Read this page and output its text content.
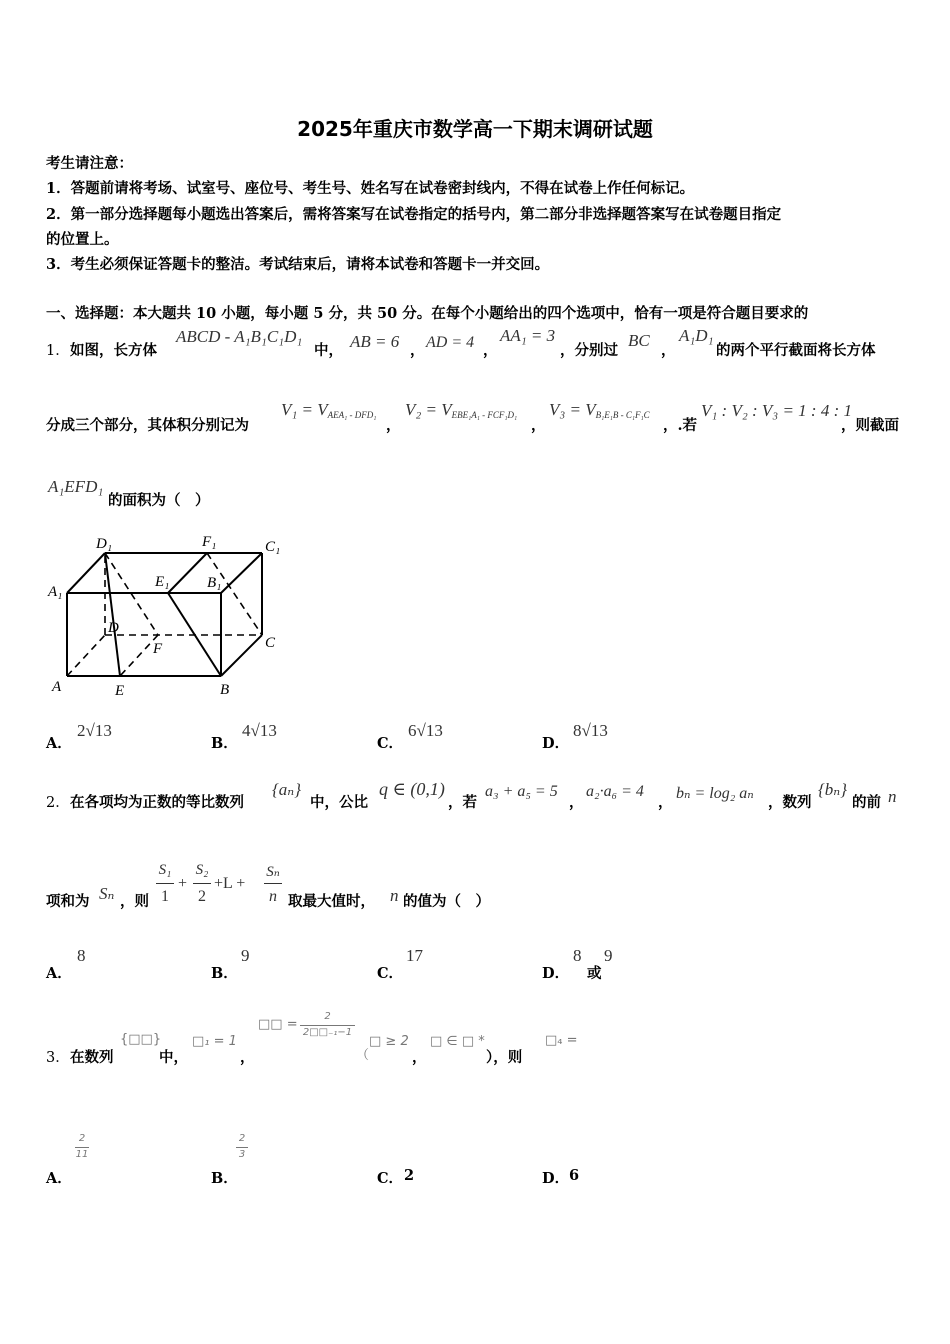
2025年重庆市数学高一下期末调研试题
考生请注意：
1．答题前请将考场、试室号、座位号、考生号、姓名写在试卷密封线内，不得在试卷上作任何标记。
2．第一部分选择题每小题选出答案后，需将答案写在试卷指定的括号内，第二部分非选择题答案写在试卷题目指定
的位置上。
3．考生必须保证答题卡的整洁。考试结束后，请将本试卷和答题卡一并交回。
一、选择题：本大题共 10 小题，每小题 5 分，共 50 分。在每个小题给出的四个选项中，恰有一项是符合题目要求的
1． 如图，长方体
ABCD - A₁B₁C₁D₁
中， AB = 6 ， AD = 4 ，
AA₁ = 3
，分别过
BC
，
A₁D₁
的两个平行截面将长方体
分成三个部分，其体积分别记为
$V_1 = V_{AEA_1 - DFD_1}$
，
$V_2 = V_{EBE_1A_1 - FCF_1D_1}$
，
$V_3 = V_{B_1E_1B - C_1F_1C}$
，.若
V₁ : V₂ : V₃ = 1 : 4 : 1
，则截面
A₁EFD₁
的面积为（　）
D₁	F₁	C₁
A₁
E₁	B₁
D
C
F
A	E	B
A．
2√13
B．
4√13
C．
6√13
D．
8√13
2． 在各项均为正数的等比数列
{aₙ}
中，公比
q ∈ (0,1)
，若
a₃ + a₅ = 5
，
a₂·a₆ = 4
，
bₙ = log₂ aₙ
，数列
{bₙ}
的前 n
项和为 Sₙ ，则
S₁
1
+
S₂
2
+L +
Sₙ
n 取最大值时， n 的值为（　）
A．
8
B．
9
C．
17
D．
8
或
9
3． 在数列
{□□}
中，
□₁ = 1
，
□□ =
2
2□□₋₁−1
（
□ ≥ 2
，
□ ∈ □ *
），则
□₄ =
A．
2
11
B．
2
3
C． 2	D． 6
